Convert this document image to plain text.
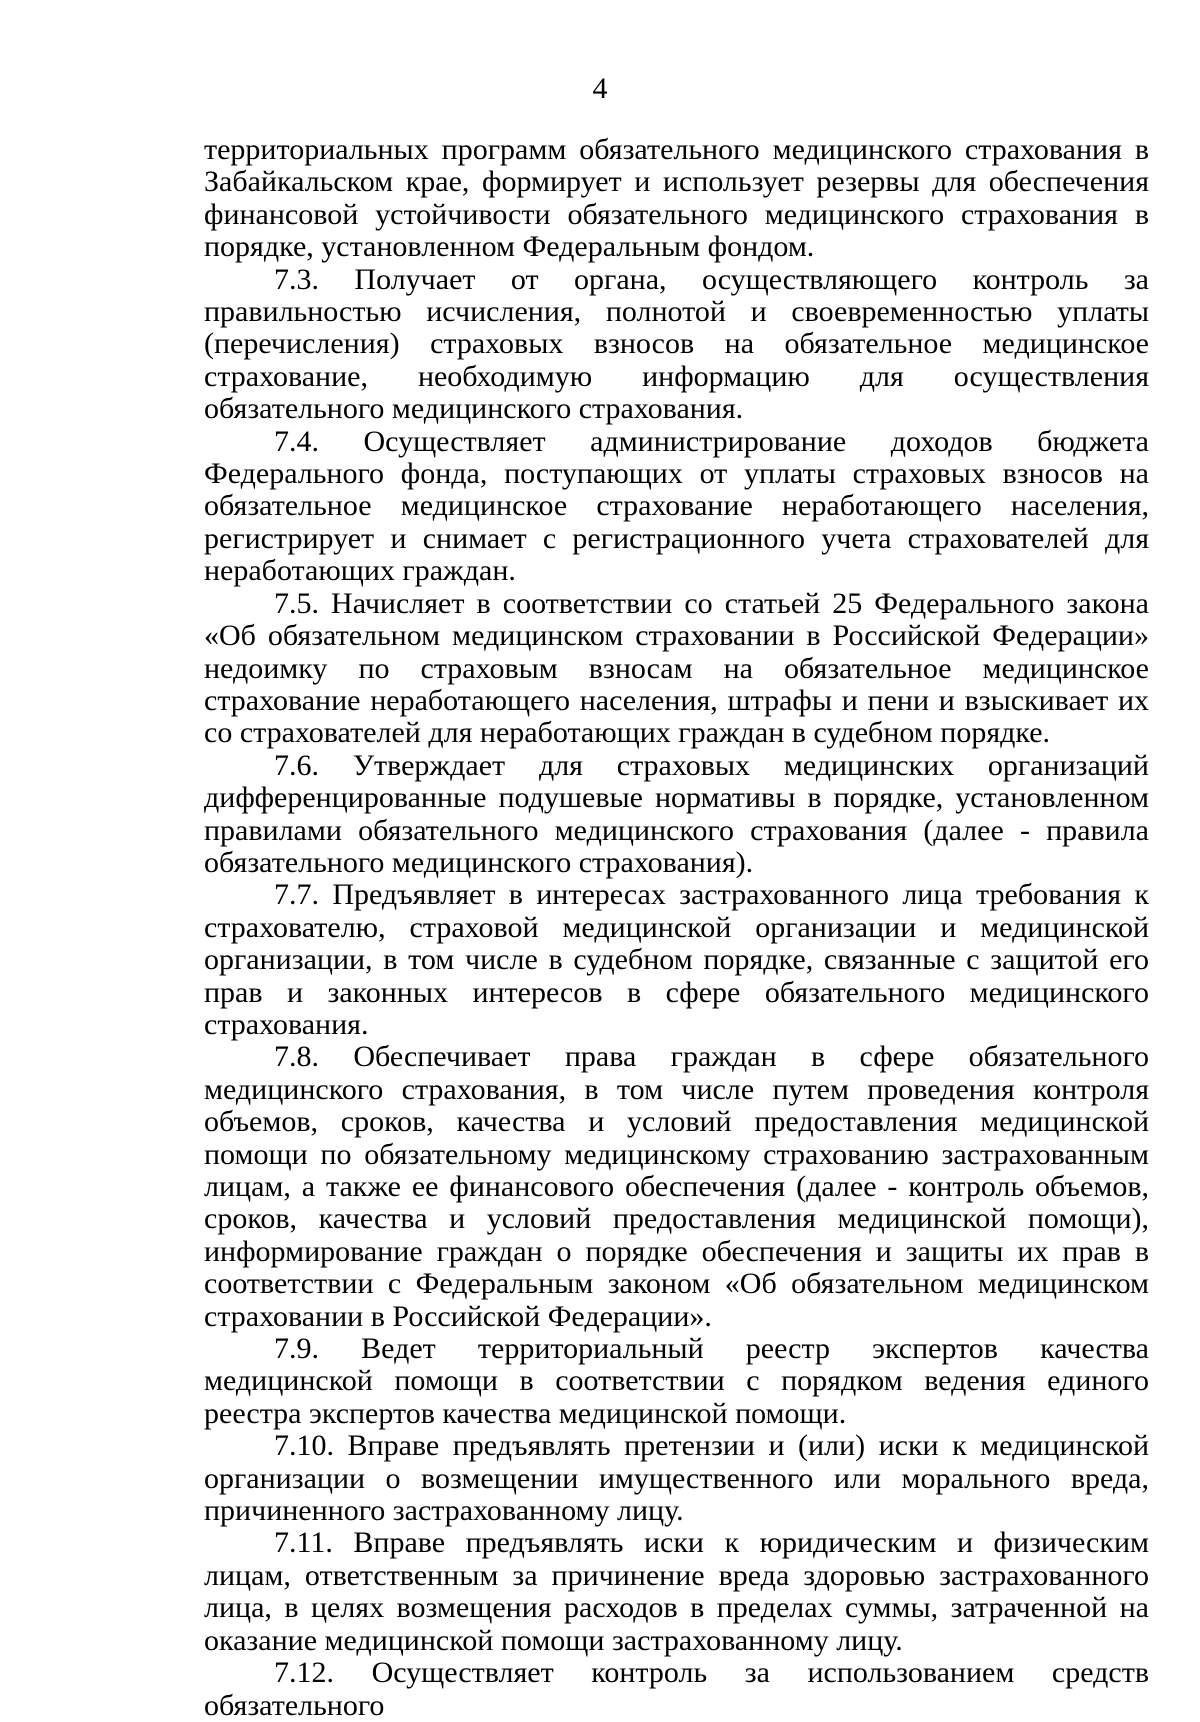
4

территориальных программ обязательного медицинского страхования в Забайкальском крае, формирует и использует резервы для обеспечения финансовой устойчивости обязательного медицинского страхования в порядке, установленном Федеральным фондом.

7.3. Получает от органа, осуществляющего контроль за правильностью исчисления, полнотой и своевременностью уплаты (перечисления) страховых взносов на обязательное медицинское страхование, необходимую информацию для осуществления обязательного медицинского страхования.

7.4. Осуществляет администрирование доходов бюджета Федерального фонда, поступающих от уплаты страховых взносов на обязательное медицинское страхование неработающего населения, регистрирует и снимает с регистрационного учета страхователей для неработающих граждан.

7.5. Начисляет в соответствии со статьей 25 Федерального закона «Об обязательном медицинском страховании в Российской Федерации» недоимку по страховым взносам на обязательное медицинское страхование неработающего населения, штрафы и пени и взыскивает их со страхователей для неработающих граждан в судебном порядке.

7.6. Утверждает для страховых медицинских организаций дифференцированные подушевые нормативы в порядке, установленном правилами обязательного медицинского страхования (далее - правила обязательного медицинского страхования).

7.7. Предъявляет в интересах застрахованного лица требования к страхователю, страховой медицинской организации и медицинской организации, в том числе в судебном порядке, связанные с защитой его прав и законных интересов в сфере обязательного медицинского страхования.

7.8. Обеспечивает права граждан в сфере обязательного медицинского страхования, в том числе путем проведения контроля объемов, сроков, качества и условий предоставления медицинской помощи по обязательному медицинскому страхованию застрахованным лицам, а также ее финансового обеспечения (далее - контроль объемов, сроков, качества и условий предоставления медицинской помощи), информирование граждан о порядке обеспечения и защиты их прав в соответствии с Федеральным законом «Об обязательном медицинском страховании в Российской Федерации».

7.9. Ведет территориальный реестр экспертов качества медицинской помощи в соответствии с порядком ведения единого реестра экспертов качества медицинской помощи.

7.10. Вправе предъявлять претензии и (или) иски к медицинской организации о возмещении имущественного или морального вреда, причиненного застрахованному лицу.

7.11. Вправе предъявлять иски к юридическим и физическим лицам, ответственным за причинение вреда здоровью застрахованного лица, в целях возмещения расходов в пределах суммы, затраченной на оказание медицинской помощи застрахованному лицу.

7.12. Осуществляет контроль за использованием средств обязательного
